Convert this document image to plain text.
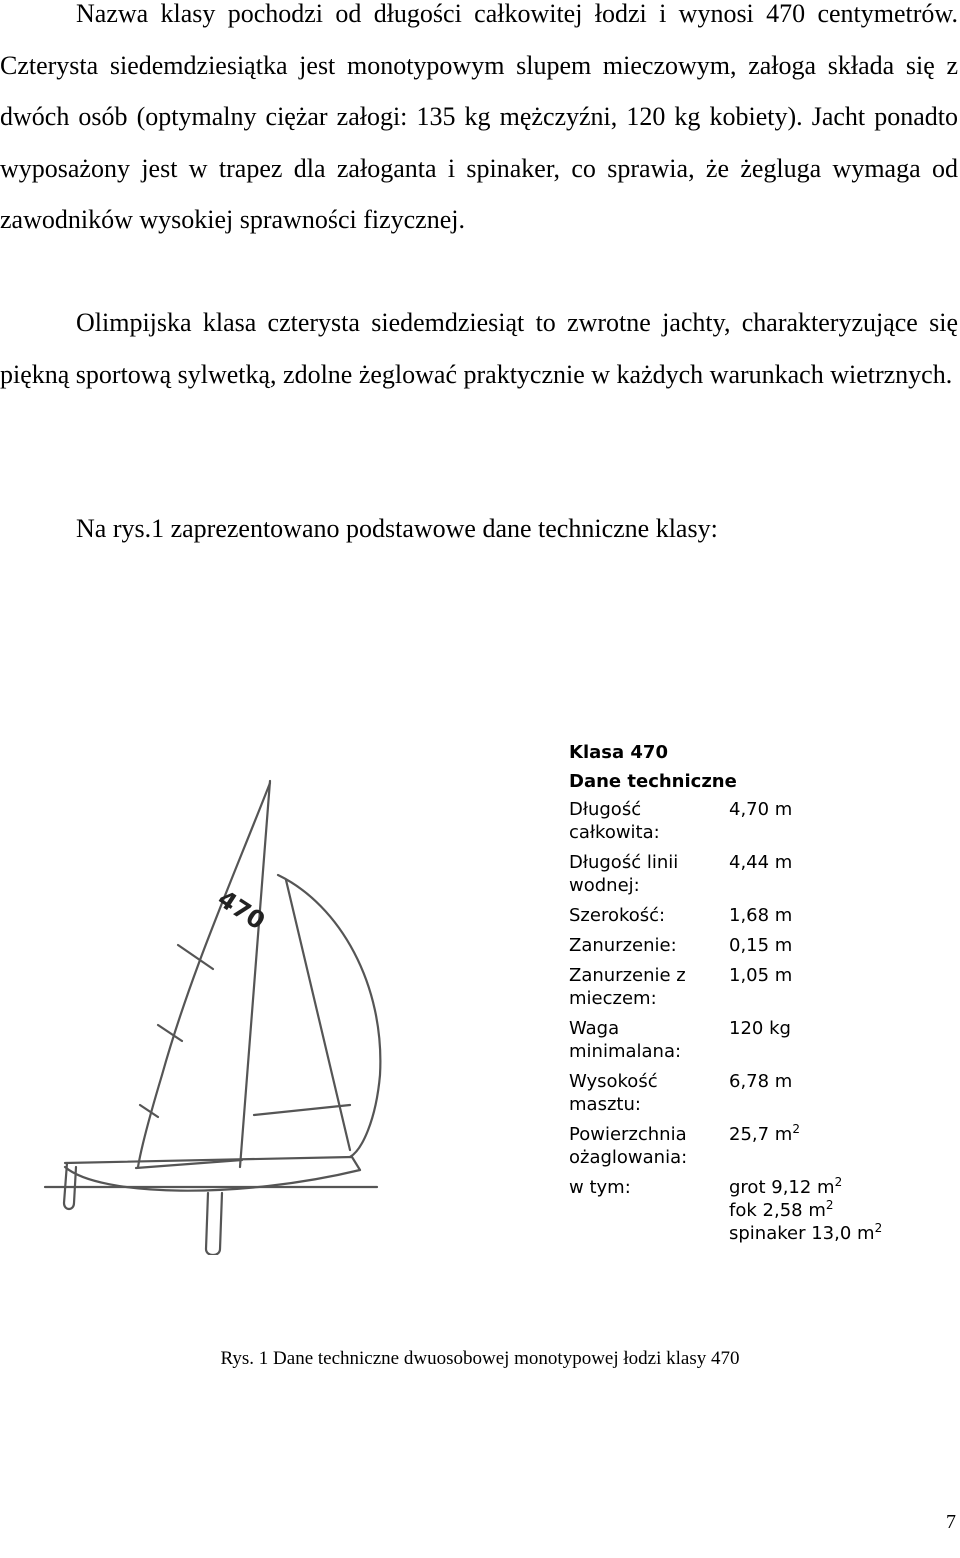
Nazwa klasy pochodzi od długości całkowitej łodzi i wynosi 470 centymetrów. Czterysta siedemdziesiątka jest monotypowym slupem mieczowym, załoga składa się z dwóch osób (optymalny ciężar załogi: 135 kg mężczyźni, 120 kg kobiety). Jacht ponadto wyposażony jest w trapez dla załoganta i spinaker, co sprawia, że żegluga wymaga od zawodników wysokiej sprawności fizycznej.

Olimpijska klasa czterysta siedemdziesiąt to zwrotne jachty, charakteryzujące się piękną sportową sylwetką, zdolne żeglować praktycznie w każdych warunkach wietrznych.

Na rys.1 zaprezentowano podstawowe dane techniczne klasy:

470
Klasa 470
Dane techniczne
Długość całkowita:	4,70 m
Długość linii wodnej:	4,44 m
Szerokość:	1,68 m
Zanurzenie:	0,15 m
Zanurzenie z mieczem:	1,05 m
Waga minimalana:	120 kg
Wysokość masztu:	6,78 m
Powierzchnia ożaglowania:	25,7 $m^2$
w tym:	grot 9,12 $m^2$
fok 2,58 $m^2$
spinaker 13,0 $m^2$
Rys. 1 Dane techniczne dwuosobowej monotypowej łodzi klasy 470
7
